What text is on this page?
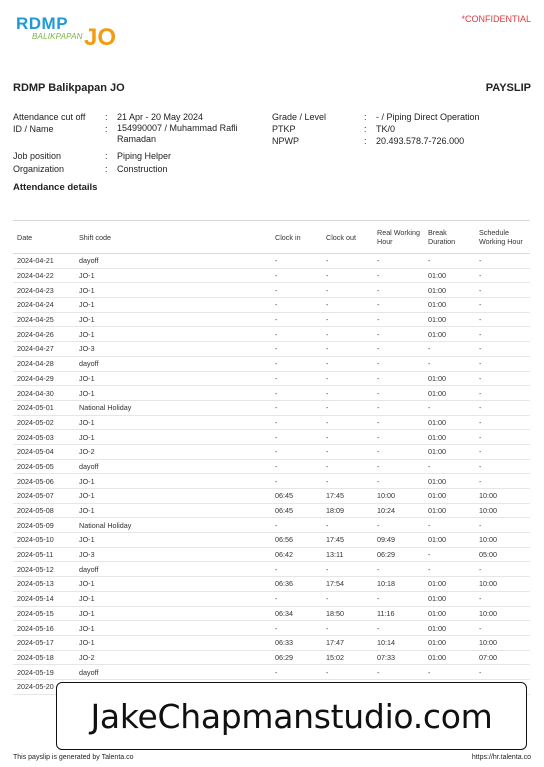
RDMP
BALIKPAPAN JO
*CONFIDENTIAL
RDMP Balikpapan JO	PAYSLIP
Attendance cut off : 21 Apr - 20 May 2024
ID / Name	: 154990007 / Muhammad Rafli Ramadan
Job position	: Piping Helper
Organization	: Construction
Grade / Level	: - / Piping Direct Operation
PTKP	: TK/0
NPWP	: 20.493.578.7-726.000
Attendance details
Date	Shift code	Clock in	Clock out	Real Working Hour	Break Duration	Schedule Working Hour
2024-04-21	dayoff	-	-	-	-	-
2024-04-22	JO-1	-	-	-	01:00	-
2024-04-23	JO-1	-	-	-	01:00	-
2024-04-24	JO-1	-	-	-	01:00	-
2024-04-25	JO-1	-	-	-	01:00	-
2024-04-26	JO-1	-	-	-	01:00	-
2024-04-27	JO-3	-	-	-	-	-
2024-04-28	dayoff	-	-	-	-	-
2024-04-29	JO-1	-	-	-	01:00	-
2024-04-30	JO-1	-	-	-	01:00	-
2024-05-01	National Holiday	-	-	-	-	-
2024-05-02	JO-1	-	-	-	01:00	-
2024-05-03	JO-1	-	-	-	01:00	-
2024-05-04	JO-2	-	-	-	01:00	-
2024-05-05	dayoff	-	-	-	-	-
2024-05-06	JO-1	-	-	-	01:00	-
2024-05-07	JO-1	06:45	17:45	10:00	01:00	10:00
2024-05-08	JO-1	06:45	18:09	10:24	01:00	10:00
2024-05-09	National Holiday	-	-	-	-	-
2024-05-10	JO-1	06:56	17:45	09:49	01:00	10:00
2024-05-11	JO-3	06:42	13:11	06:29	-	05:00
2024-05-12	dayoff	-	-	-	-	-
2024-05-13	JO-1	06:36	17:54	10:18	01:00	10:00
2024-05-14	JO-1	-	-	-	01:00	-
2024-05-15	JO-1	06:34	18:50	11:16	01:00	10:00
2024-05-16	JO-1	-	-	-	01:00	-
2024-05-17	JO-1	06:33	17:47	10:14	01:00	10:00
2024-05-18	JO-2	06:29	15:02	07:33	01:00	07:00
2024-05-19	dayoff	-	-	-	-	-
2024-05-20						
JakeChapmanstudio.com
This payslip is generated by Talenta.co	https://hr.talenta.co
